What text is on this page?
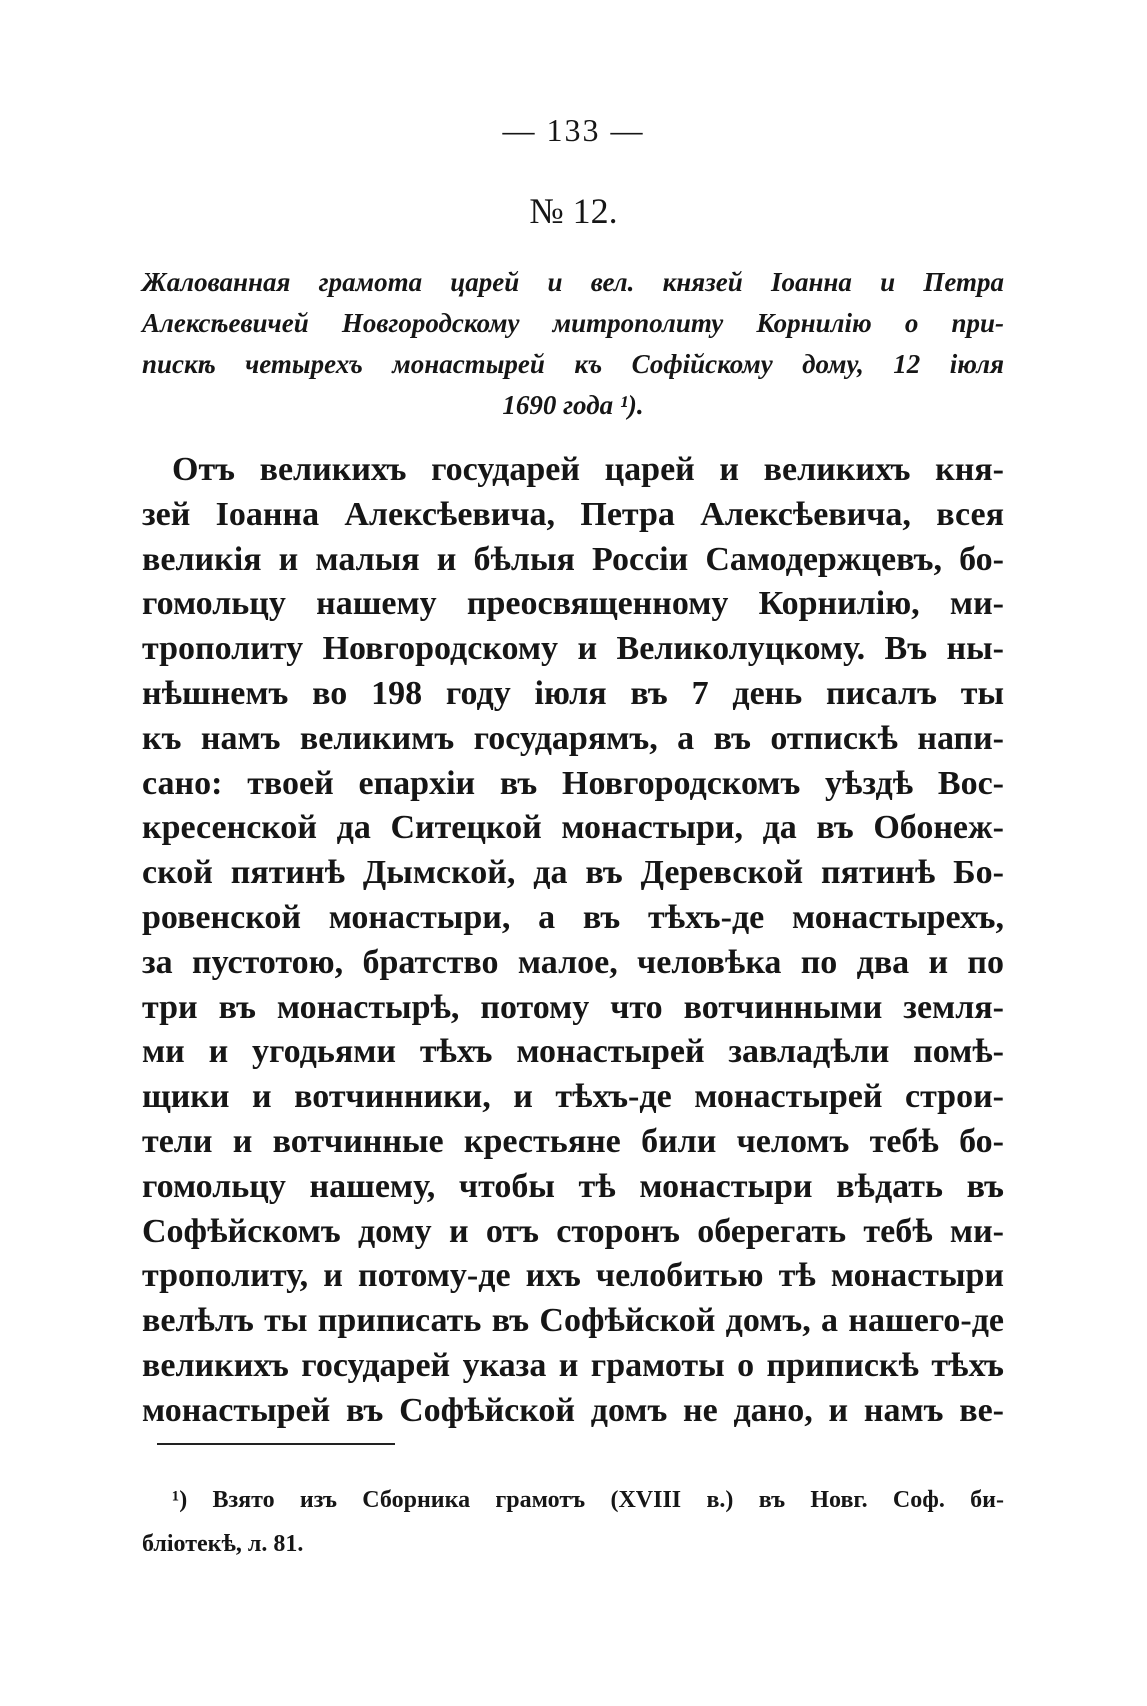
— 133 —
№ 12.
Жалованная грамота царей и вел. князей Іоанна и Петра
Алексѣевичей Новгородскому митрополиту Корнилію о при-
пискѣ четырехъ монастырей къ Софійскому дому, 12 іюля
1690 года ¹).
Отъ великихъ государей царей и великихъ кня-
зей Іоанна Алексѣевича, Петра Алексѣевича, всея
великія и малыя и бѣлыя Россіи Самодержцевъ, бо-
гомольцу нашему преосвященному Корнилію, ми-
трополиту Новгородскому и Великолуцкому. Въ ны-
нѣшнемъ во 198 году іюля въ 7 день писалъ ты
къ намъ великимъ государямъ, а въ отпискѣ напи-
сано: твоей епархіи въ Новгородскомъ уѣздѣ Вос-
кресенской да Ситецкой монастыри, да въ Обонеж-
ской пятинѣ Дымской, да въ Деревской пятинѣ Бо-
ровенской монастыри, а въ тѣхъ-де монастырехъ,
за пустотою, братство малое, человѣка по два и по
три въ монастырѣ, потому что вотчинными земля-
ми и угодьями тѣхъ монастырей завладѣли помѣ-
щики и вотчинники, и тѣхъ-де монастырей строи-
тели и вотчинные крестьяне били челомъ тебѣ бо-
гомольцу нашему, чтобы тѣ монастыри вѣдать въ
Софѣйскомъ дому и отъ сторонъ оберегать тебѣ ми-
трополиту, и потому-де ихъ челобитью тѣ монастыри
велѣлъ ты приписать въ Софѣйской домъ, а нашего-де
великихъ государей указа и грамоты о припискѣ тѣхъ
монастырей въ Софѣйской домъ не дано, и намъ ве-
¹) Взято изъ Сборника грамотъ (XVIII в.) въ Новг. Соф. би-
бліотекѣ, л. 81.
